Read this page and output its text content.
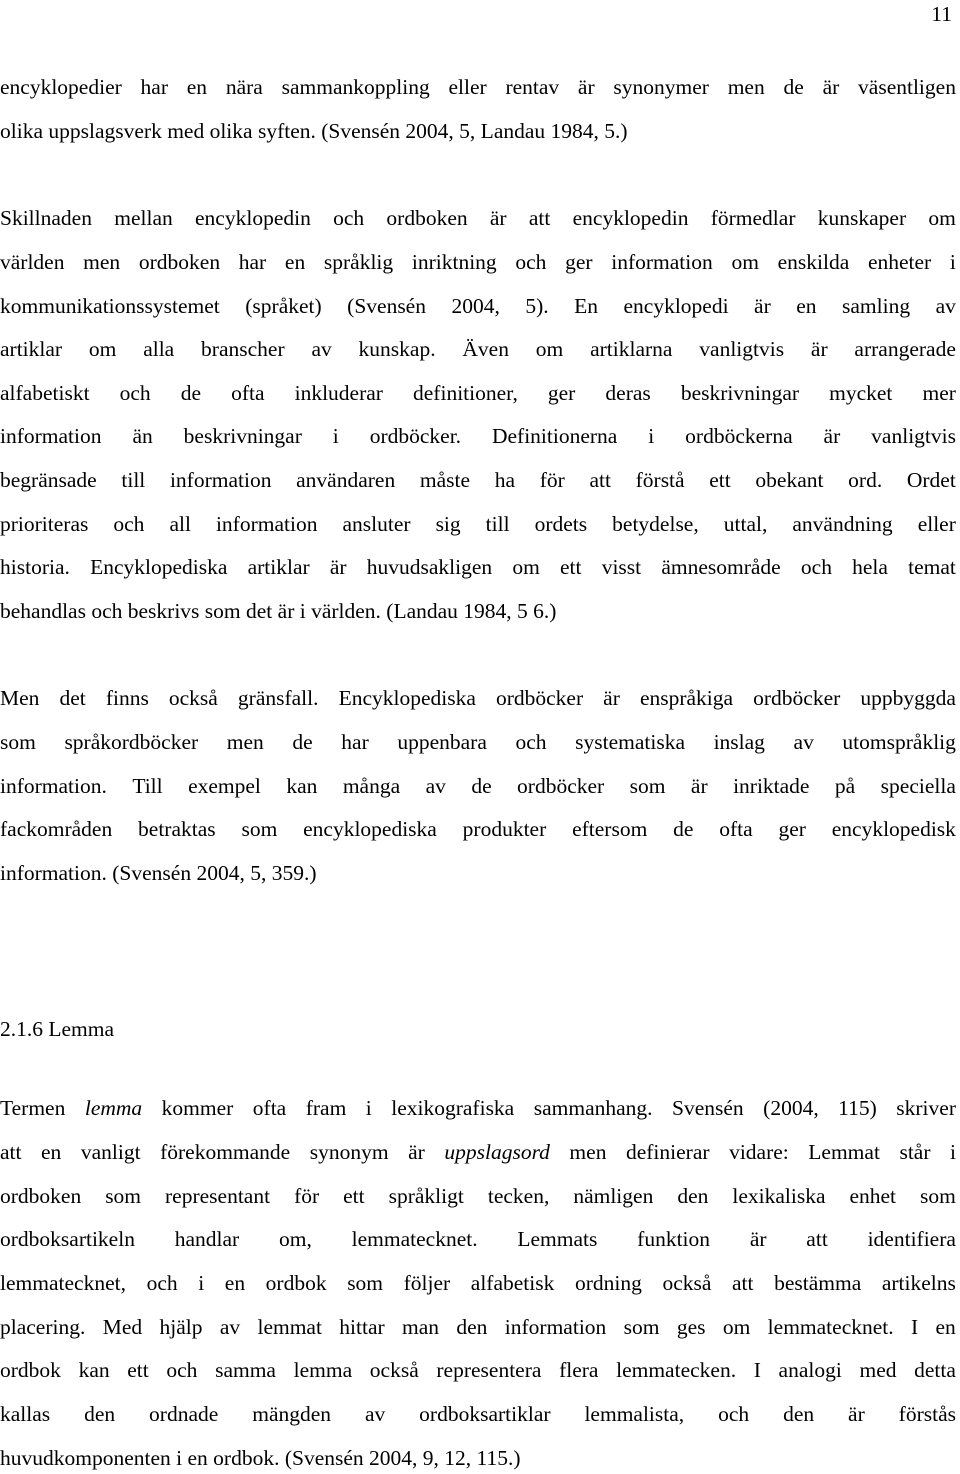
11
encyklopedier har en nära sammankoppling eller rentav är synonymer men de är väsentligen
olika uppslagsverk med olika syften. (Svensén 2004, 5, Landau 1984, 5.)
Skillnaden mellan encyklopedin och ordboken är att encyklopedin förmedlar kunskaper om
världen men ordboken har en språklig inriktning och ger information om enskilda enheter i
kommunikationssystemet (språket) (Svensén 2004, 5). En encyklopedi är en samling av
artiklar om alla branscher av kunskap. Även om artiklarna vanligtvis är arrangerade
alfabetiskt och de ofta inkluderar definitioner, ger deras beskrivningar mycket mer
information än beskrivningar i ordböcker. Definitionerna i ordböckerna är vanligtvis
begränsade till information användaren måste ha för att förstå ett obekant ord. Ordet
prioriteras och all information ansluter sig till ordets betydelse, uttal, användning eller
historia. Encyklopediska artiklar är huvudsakligen om ett visst ämnesområde och hela temat
behandlas och beskrivs som det är i världen. (Landau 1984, 5 6.)
Men det finns också gränsfall. Encyklopediska ordböcker är enspråkiga ordböcker uppbyggda
som språkordböcker men de har uppenbara och systematiska inslag av utomspråklig
information. Till exempel kan många av de ordböcker som är inriktade på speciella
fackområden betraktas som encyklopediska produkter eftersom de ofta ger encyklopedisk
information. (Svensén 2004, 5, 359.)
2.1.6 Lemma
Termen lemma kommer ofta fram i lexikografiska sammanhang. Svensén (2004, 115) skriver
att en vanligt förekommande synonym är uppslagsord men definierar vidare: Lemmat står i
ordboken som representant för ett språkligt tecken, nämligen den lexikaliska enhet som
ordboksartikeln handlar om, lemmatecknet. Lemmats funktion är att identifiera
lemmatecknet, och i en ordbok som följer alfabetisk ordning också att bestämma artikelns
placering. Med hjälp av lemmat hittar man den information som ges om lemmatecknet. I en
ordbok kan ett och samma lemma också representera flera lemmatecken. I analogi med detta
kallas den ordnade mängden av ordboksartiklar lemmalista, och den är förstås
huvudkomponenten i en ordbok. (Svensén 2004, 9, 12, 115.)
